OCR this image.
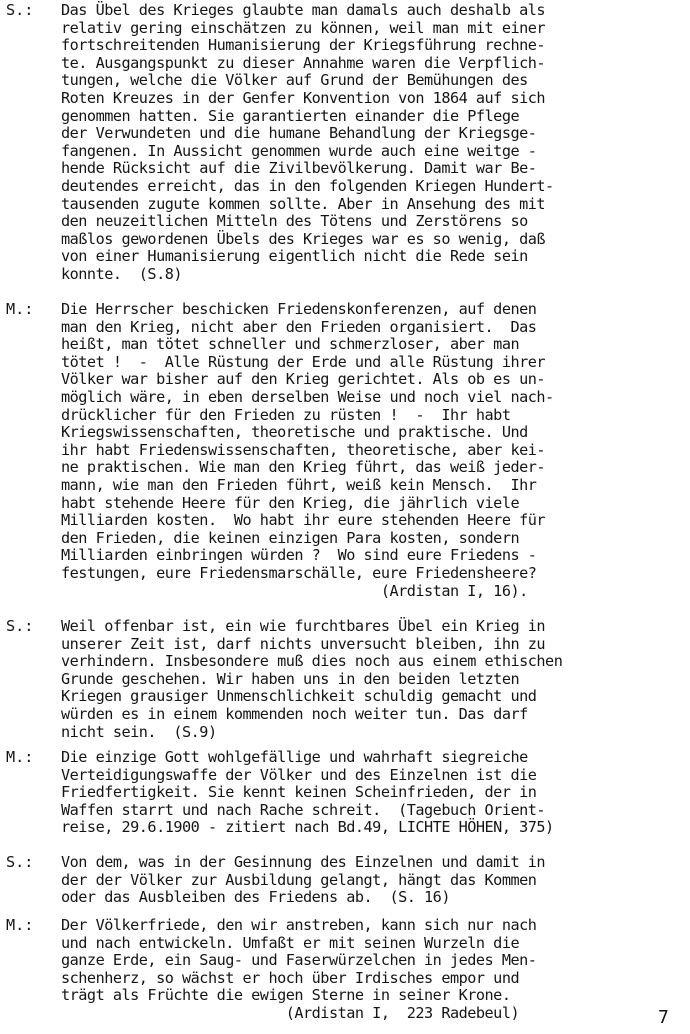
S.: Das Übel des Krieges glaubte man damals auch deshalb als
relativ gering einschätzen zu können, weil man mit einer
fortschreitenden Humanisierung der Kriegsführung rechne-
te. Ausgangspunkt zu dieser Annahme waren die Verpflich-
tungen, welche die Völker auf Grund der Bemühungen des
Roten Kreuzes in der Genfer Konvention von 1864 auf sich
genommen hatten. Sie garantierten einander die Pflege
der Verwundeten und die humane Behandlung der Kriegsge-
fangenen. In Aussicht genommen wurde auch eine weitge -
hende Rücksicht auf die Zivilbevölkerung. Damit war Be-
deutendes erreicht, das in den folgenden Kriegen Hundert-
tausenden zugute kommen sollte. Aber in Ansehung des mit
den neuzeitlichen Mitteln des Tötens und Zerstörens so
maßlos gewordenen Übels des Krieges war es so wenig, daß
von einer Humanisierung eigentlich nicht die Rede sein
konnte.  (S.8)
M.: Die Herrscher beschicken Friedenskonferenzen, auf denen
man den Krieg, nicht aber den Frieden organisiert.  Das
heißt, man tötet schneller und schmerzloser, aber man
tötet !  -  Alle Rüstung der Erde und alle Rüstung ihrer
Völker war bisher auf den Krieg gerichtet. Als ob es un-
möglich wäre, in eben derselben Weise und noch viel nach-
drücklicher für den Frieden zu rüsten !  -  Ihr habt
Kriegswissenschaften, theoretische und praktische. Und
ihr habt Friedenswissenschaften, theoretische, aber kei-
ne praktischen. Wie man den Krieg führt, das weiß jeder-
mann, wie man den Frieden führt, weiß kein Mensch.  Ihr
habt stehende Heere für den Krieg, die jährlich viele
Milliarden kosten.  Wo habt ihr eure stehenden Heere für
den Frieden, die keinen einzigen Para kosten, sondern
Milliarden einbringen würden ?  Wo sind eure Friedens -
festungen, eure Friedensmarschälle, eure Friedensheere?
(Ardistan I, 16).
S.: Weil offenbar ist, ein wie furchtbares Übel ein Krieg in
unserer Zeit ist, darf nichts unversucht bleiben, ihn zu
verhindern. Insbesondere muß dies noch aus einem ethischen
Grunde geschehen. Wir haben uns in den beiden letzten
Kriegen grausiger Unmenschlichkeit schuldig gemacht und
würden es in einem kommenden noch weiter tun. Das darf
nicht sein.  (S.9)
M.: Die einzige Gott wohlgefällige und wahrhaft siegreiche
Verteidigungswaffe der Völker und des Einzelnen ist die
Friedfertigkeit. Sie kennt keinen Scheinfrieden, der in
Waffen starrt und nach Rache schreit.  (Tagebuch Orient-
reise, 29.6.1900 - zitiert nach Bd.49, LICHTE HÖHEN, 375)
S.: Von dem, was in der Gesinnung des Einzelnen und damit in
der der Völker zur Ausbildung gelangt, hängt das Kommen
oder das Ausbleiben des Friedens ab.  (S. 16)
M.: Der Völkerfriede, den wir anstreben, kann sich nur nach
und nach entwickeln. Umfaßt er mit seinen Wurzeln die
ganze Erde, ein Saug- und Faserwürzelchen in jedes Men-
schenherz, so wächst er hoch über Irdisches empor und
trägt als Früchte die ewigen Sterne in seiner Krone.
(Ardistan I,  223 Radebeul)	7
